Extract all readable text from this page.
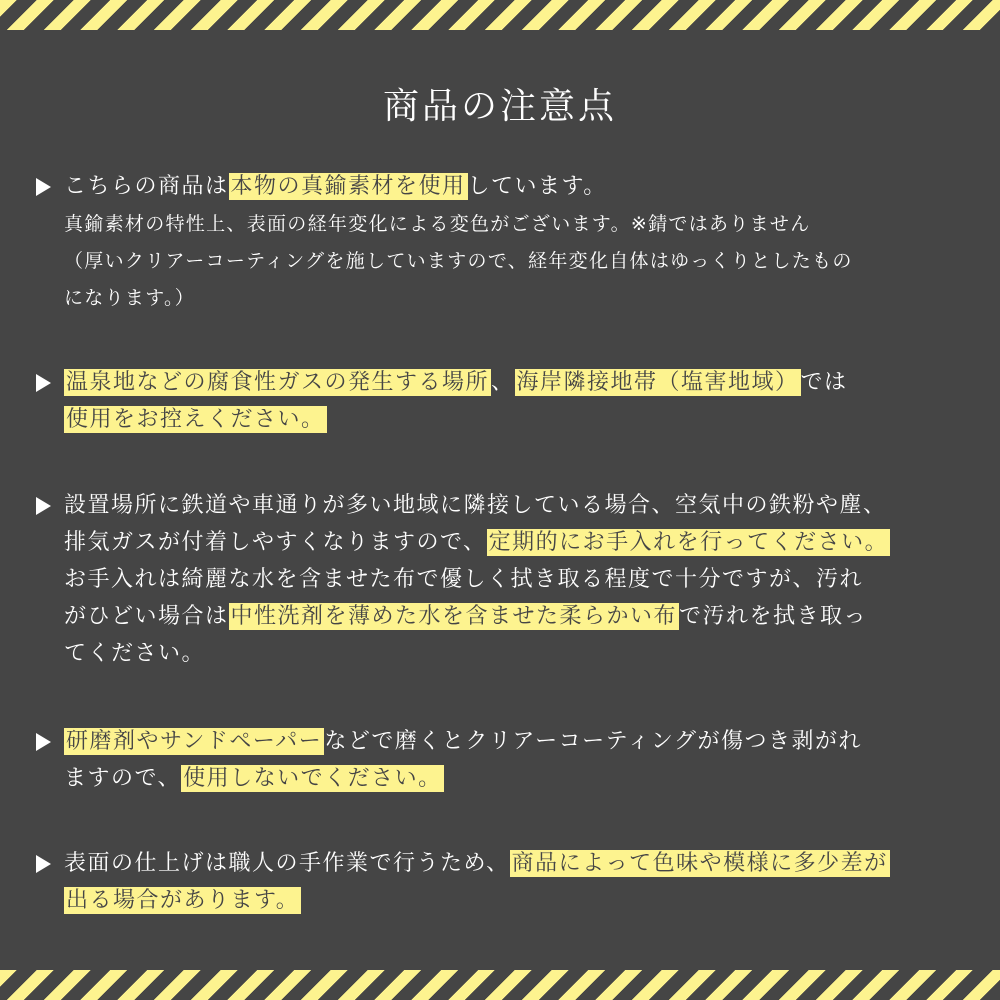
商品の注意点
こちらの商品は本物の真鍮素材を使用しています。
真鍮素材の特性上、表面の経年変化による変色がございます。※錆ではありません
（厚いクリアーコーティングを施していますので、経年変化自体はゆっくりとしたもの
になります。）
温泉地などの腐食性ガスの発生する場所、海岸隣接地帯（塩害地域）では
使用をお控えください。
設置場所に鉄道や車通りが多い地域に隣接している場合、空気中の鉄粉や塵、
排気ガスが付着しやすくなりますので、定期的にお手入れを行ってください。
お手入れは綺麗な水を含ませた布で優しく拭き取る程度で十分ですが、汚れ
がひどい場合は中性洗剤を薄めた水を含ませた柔らかい布で汚れを拭き取っ
てください。
研磨剤やサンドペーパーなどで磨くとクリアーコーティングが傷つき剥がれ
ますので、使用しないでください。
表面の仕上げは職人の手作業で行うため、商品によって色味や模様に多少差が
出る場合があります。
